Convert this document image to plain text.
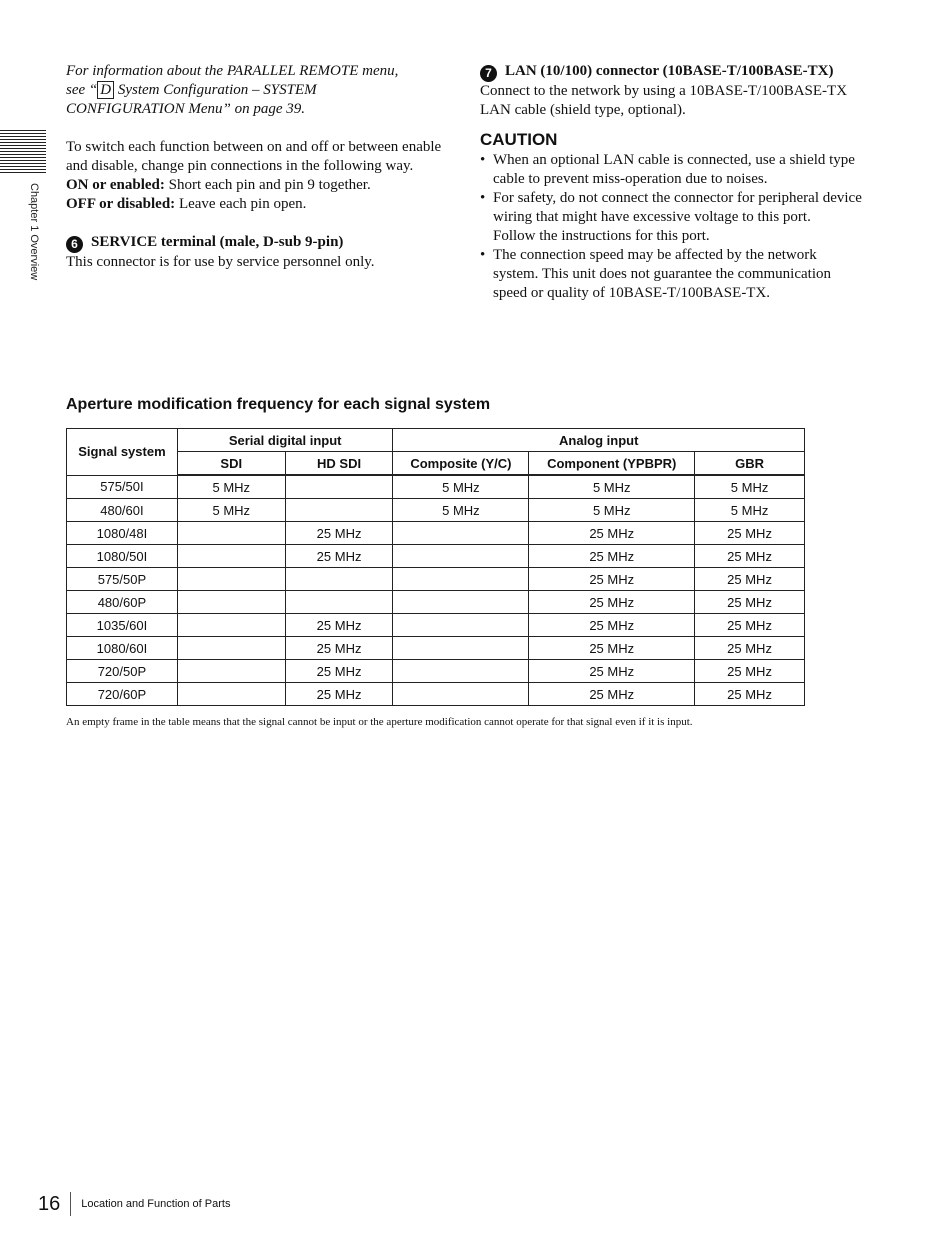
Chapter 1 Overview

For information about the PARALLEL REMOTE menu,
see “ D System Configuration – SYSTEM
CONFIGURATION Menu” on page 39.

To switch each function between on and off or between enable and disable, change pin connections in the following way.

ON or enabled: Short each pin and pin 9 together.

OFF or disabled: Leave each pin open.

6 SERVICE terminal (male, D-sub 9-pin)

This connector is for use by service personnel only.

7 LAN (10/100) connector (10BASE-T/100BASE-TX)

Connect to the network by using a 10BASE-T/100BASE-TX LAN cable (shield type, optional).

CAUTION
• When an optional LAN cable is connected, use a shield type cable to prevent miss-operation due to noises.
• For safety, do not connect the connector for peripheral device wiring that might have excessive voltage to this port.
Follow the instructions for this port.
• The connection speed may be affected by the network system. This unit does not guarantee the communication speed or quality of 10BASE-T/100BASE-TX.
Aperture modification frequency for each signal system
Signal system	Serial digital input		Analog input		
	SDI	HD SDI	Composite (Y/C)	Component (YPBPR)	GBR
575/50I	5 MHz		5 MHz	5 MHz	5 MHz
480/60I	5 MHz		5 MHz	5 MHz	5 MHz
1080/48I		25 MHz		25 MHz	25 MHz
1080/50I		25 MHz		25 MHz	25 MHz
575/50P				25 MHz	25 MHz
480/60P				25 MHz	25 MHz
1035/60I		25 MHz		25 MHz	25 MHz
1080/60I		25 MHz		25 MHz	25 MHz
720/50P		25 MHz		25 MHz	25 MHz
720/60P		25 MHz		25 MHz	25 MHz
An empty frame in the table means that the signal cannot be input or the aperture modification cannot operate for that signal even if it is input.
16 Location and Function of Parts
